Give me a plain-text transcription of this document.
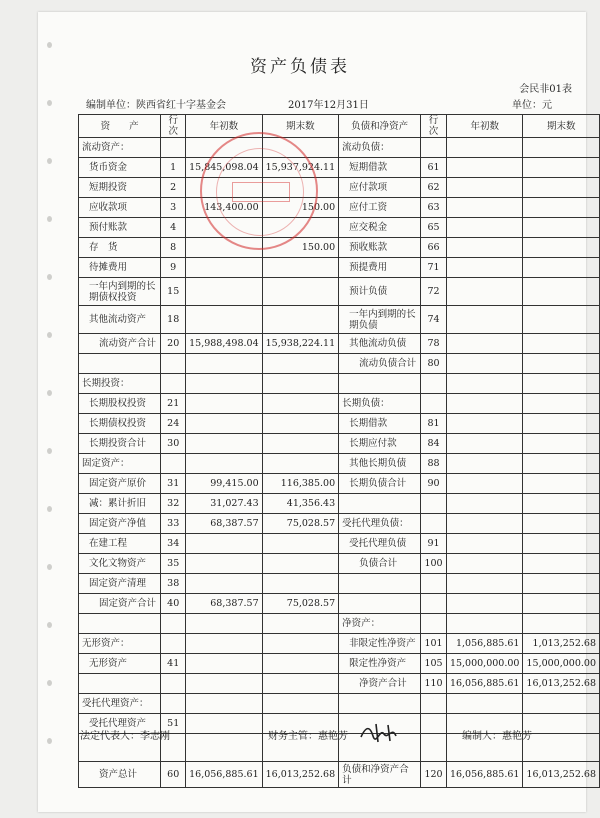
资产负债表
会民非01表
编制单位：陕西省红十字基金会	2017年12月31日	单位：元
资　　产	行次	年初数	期末数	负债和净资产	行次	年初数	期末数
流动资产：				流动负债：			
货币资金	1	15,845,098.04	15,937,924.11	短期借款	61		
短期投资	2			应付款项	62		
应收款项	3	143,400.00	150.00	应付工资	63		
预付账款	4			应交税金	65		
存　货	8		150.00	预收账款	66		
待摊费用	9			预提费用	71		
一年内到期的长期债权投资	15			预计负债	72		
其他流动资产	18			一年内到期的长期负债	74		
流动资产合计	20	15,988,498.04	15,938,224.11	其他流动负债	78		
				流动负债合计	80		
长期投资：							
长期股权投资	21			长期负债：			
长期债权投资	24			长期借款	81		
长期投资合计	30			长期应付款	84		
固定资产：				其他长期负债	88		
固定资产原价	31	99,415.00	116,385.00	长期负债合计	90		
减：累计折旧	32	31,027.43	41,356.43				
固定资产净值	33	68,387.57	75,028.57	受托代理负债：			
在建工程	34			受托代理负债	91		
文化文物资产	35			负债合计	100		
固定资产清理	38						
固定资产合计	40	68,387.57	75,028.57				
				净资产：			
无形资产：				非限定性净资产	101	1,056,885.61	1,013,252.68
无形资产	41			限定性净资产	105	15,000,000.00	15,000,000.00
				净资产合计	110	16,056,885.61	16,013,252.68
受托代理资产：							
受托代理资产	51						

资产总计	60	16,056,885.61	16,013,252.68	负债和净资产合计	120	16,056,885.61	16,013,252.68
法定代表人：李志刚	财务主管：惠艳芳	编制人：惠艳芳
